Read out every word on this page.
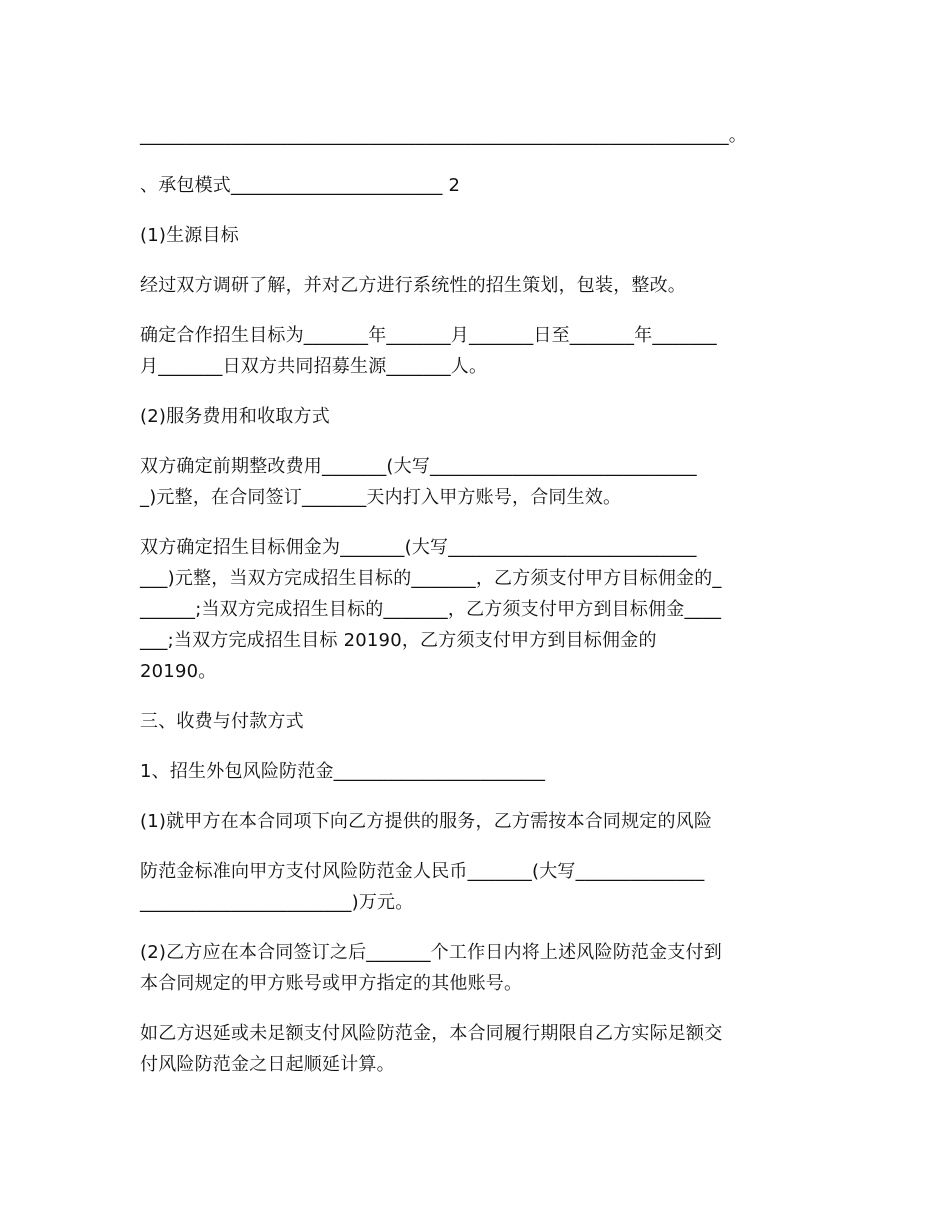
________________________________________________________________。

、承包模式_______________________ 2

(1)生源目标

经过双方调研了解，并对乙方进行系统性的招生策划，包装，整改。

确定合作招生目标为_______年_______月_______日至_______年_______
月_______日双方共同招募生源_______人。

(2)服务费用和收取方式

双方确定前期整改费用_______(大写_____________________________
_)元整，在合同签订_______天内打入甲方账号，合同生效。

双方确定招生目标佣金为_______(大写___________________________
___)元整，当双方完成招生目标的_______，乙方须支付甲方目标佣金的_
______;当双方完成招生目标的_______，乙方须支付甲方到目标佣金____
___;当双方完成招生目标 20190，乙方须支付甲方到目标佣金的
20190。

三、收费与付款方式

1、招生外包风险防范金_______________________

(1)就甲方在本合同项下向乙方提供的服务，乙方需按本合同规定的风险

防范金标准向甲方支付风险防范金人民币_______(大写______________
_______________________)万元。

(2)乙方应在本合同签订之后_______个工作日内将上述风险防范金支付到
本合同规定的甲方账号或甲方指定的其他账号。

如乙方迟延或未足额支付风险防范金，本合同履行期限自乙方实际足额交
付风险防范金之日起顺延计算。
